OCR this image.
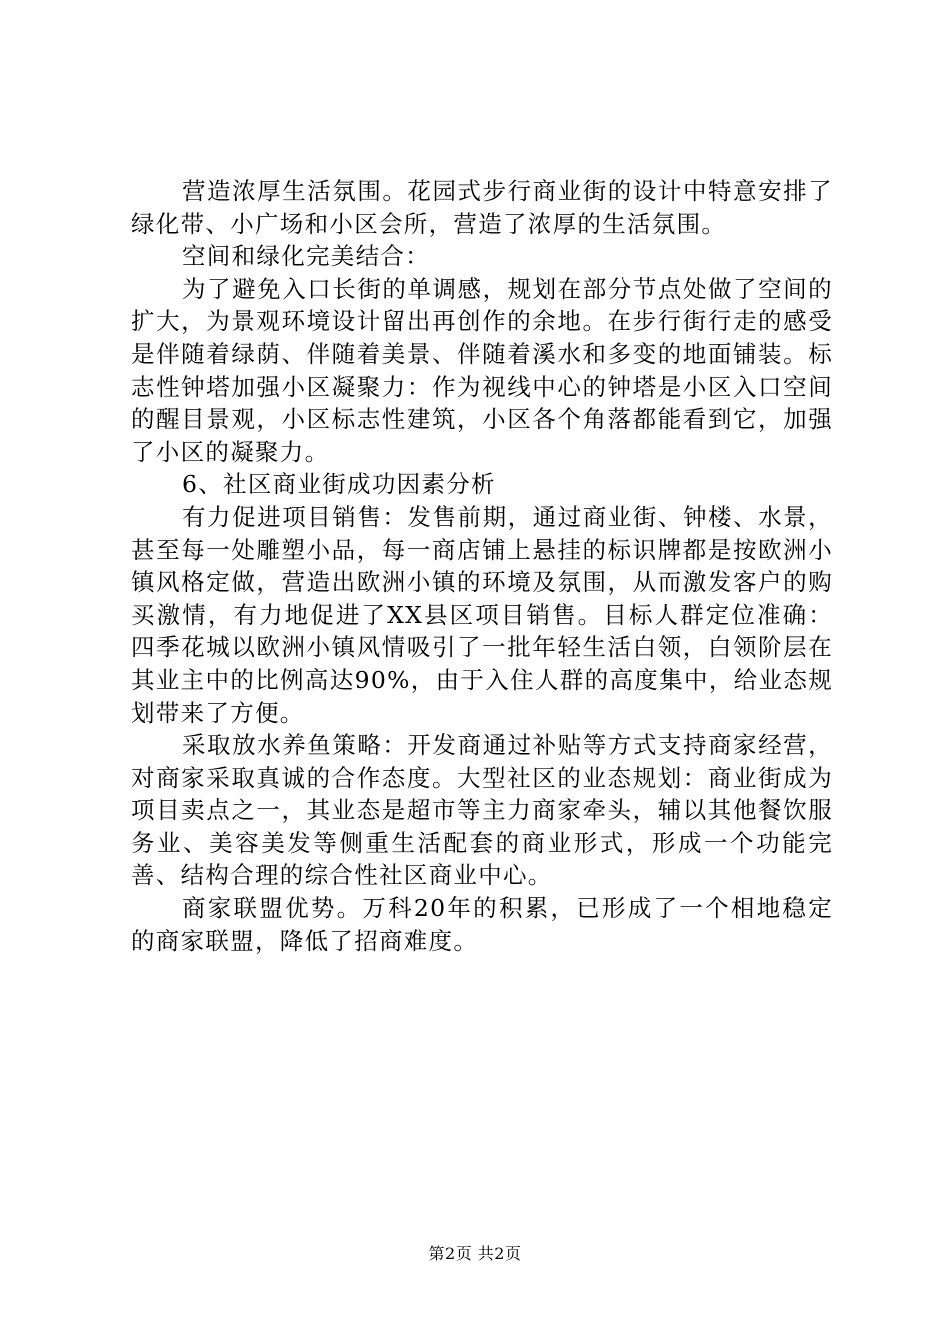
营造浓厚生活氛围。花园式步行商业街的设计中特意安排了绿化带、小广场和小区会所，营造了浓厚的生活氛围。

空间和绿化完美结合：

为了避免入口长街的单调感，规划在部分节点处做了空间的扩大，为景观环境设计留出再创作的余地。在步行街行走的感受是伴随着绿荫、伴随着美景、伴随着溪水和多变的地面铺装。标志性钟塔加强小区凝聚力：作为视线中心的钟塔是小区入口空间的醒目景观，小区标志性建筑，小区各个角落都能看到它，加强了小区的凝聚力。

6、社区商业街成功因素分析

有力促进项目销售：发售前期，通过商业街、钟楼、水景，甚至每一处雕塑小品，每一商店铺上悬挂的标识牌都是按欧洲小镇风格定做，营造出欧洲小镇的环境及氛围，从而激发客户的购买激情，有力地促进了XX县区项目销售。目标人群定位准确：四季花城以欧洲小镇风情吸引了一批年轻生活白领，白领阶层在其业主中的比例高达90%，由于入住人群的高度集中，给业态规划带来了方便。

采取放水养鱼策略：开发商通过补贴等方式支持商家经营，对商家采取真诚的合作态度。大型社区的业态规划：商业街成为项目卖点之一，其业态是超市等主力商家牵头，辅以其他餐饮服务业、美容美发等侧重生活配套的商业形式，形成一个功能完善、结构合理的综合性社区商业中心。

商家联盟优势。万科20年的积累，已形成了一个相地稳定的商家联盟，降低了招商难度。

第2页 共2页
